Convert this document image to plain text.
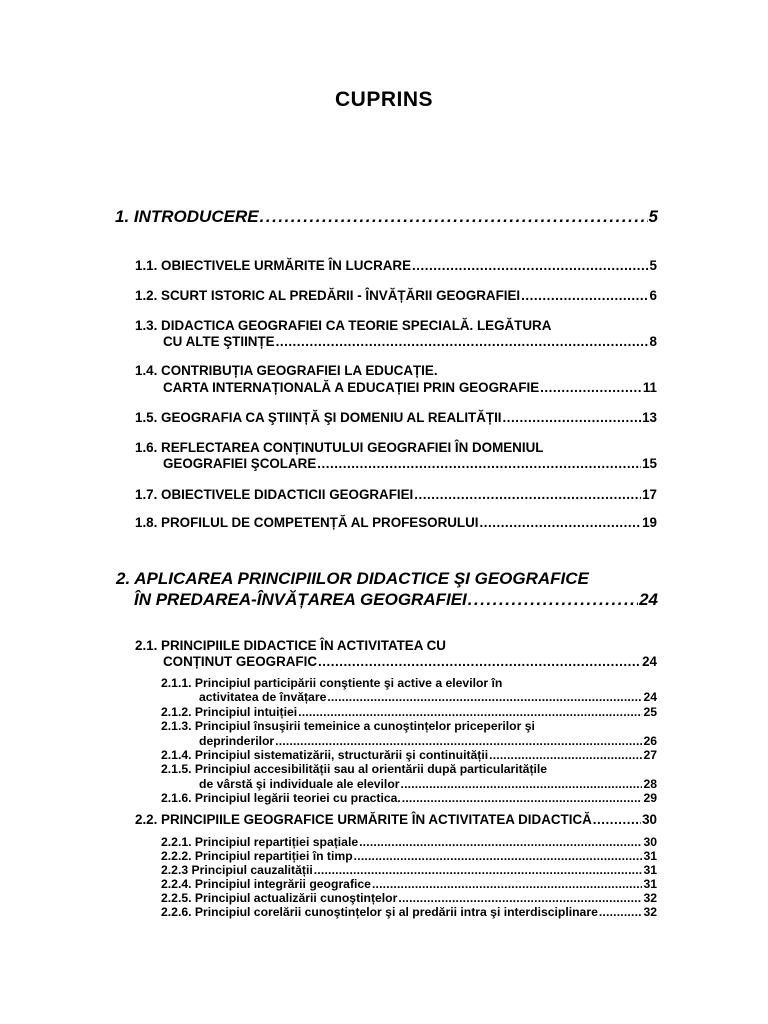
CUPRINS
1. INTRODUCERE . . .	5
1.1. OBIECTIVELE URMĂRITE ÎN LUCRARE . . .	5
1.2. SCURT ISTORIC AL PREDĂRII - ÎNVĂȚĂRII GEOGRAFIEI . . .	6
1.3. DIDACTICA GEOGRAFIEI CA TEORIE SPECIALĂ. LEGĂTURA
CU ALTE ŞTIINȚE . . .	8
1.4. CONTRIBUȚIA GEOGRAFIEI LA EDUCAȚIE.
CARTA INTERNAȚIONALĂ A EDUCAȚIEI PRIN GEOGRAFIE . . .	11
1.5. GEOGRAFIA CA ŞTIINȚĂ ŞI DOMENIU AL REALITĂȚII . . .	13
1.6. REFLECTAREA CONȚINUTULUI GEOGRAFIEI ÎN DOMENIUL
GEOGRAFIEI ŞCOLARE . . .	15
1.7. OBIECTIVELE DIDACTICII GEOGRAFIEI . . .	17
1.8. PROFILUL DE COMPETENȚĂ AL PROFESORULUI . . .	19
2. APLICAREA PRINCIPIILOR DIDACTICE ŞI GEOGRAFICE
ÎN PREDAREA-ÎNVĂȚAREA GEOGRAFIEI . . .	24
2.1. PRINCIPIILE DIDACTICE ÎN ACTIVITATEA CU
CONȚINUT GEOGRAFIC . . .	24
2.1.1. Principiul participării conştiente şi active a elevilor în
activitatea de învățare . . .	24
2.1.2. Principiul intuiției . . .	25
2.1.3. Principiul însuşirii temeinice a cunoştințelor priceperilor şi
deprinderilor . . .	26
2.1.4. Principiul sistematizării, structurării şi continuității . . .	27
2.1.5. Principiul accesibilității sau al orientării după particularitățile
de vârstă şi individuale ale elevilor . . .	28
2.1.6. Principiul legării teoriei cu practica. . . .	29
2.2. PRINCIPIILE GEOGRAFICE URMĂRITE ÎN ACTIVITATEA DIDACTICĂ . . .	30
2.2.1. Principiul repartiției spațiale . . .	30
2.2.2. Principiul repartiției în timp . . .	31
2.2.3 Principiul cauzalității . . .	31
2.2.4. Principiul integrării geografice . . .	31
2.2.5. Principiul actualizării cunoştințelor . . .	32
2.2.6. Principiul corelării cunoştințelor şi al predării intra şi interdisciplinare . . .	32
